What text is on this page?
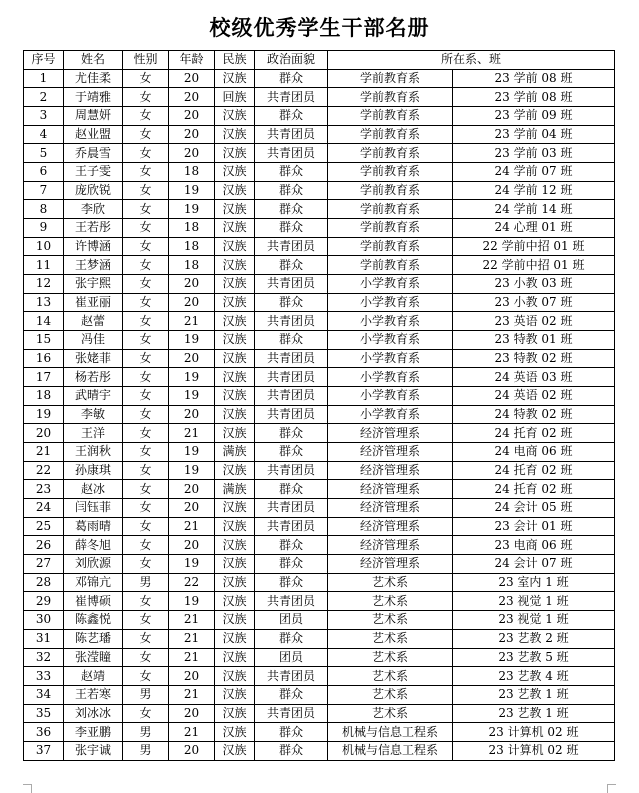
校级优秀学生干部名册
序号	姓名	性别	年龄	民族	政治面貌	所在系、班	
1	尤佳柔	女	20	汉族	群众	学前教育系	23 学前 08 班
2	于靖雅	女	20	回族	共青团员	学前教育系	23 学前 08 班
3	周慧妍	女	20	汉族	群众	学前教育系	23 学前 09 班
4	赵业盟	女	20	汉族	共青团员	学前教育系	23 学前 04 班
5	乔晨雪	女	20	汉族	共青团员	学前教育系	23 学前 03 班
6	王子雯	女	18	汉族	群众	学前教育系	24 学前 07 班
7	庞欣锐	女	19	汉族	群众	学前教育系	24 学前 12 班
8	李欣	女	19	汉族	群众	学前教育系	24 学前 14 班
9	王若彤	女	18	汉族	群众	学前教育系	24 心理 01 班
10	许博涵	女	18	汉族	共青团员	学前教育系	22 学前中招 01 班
11	王梦涵	女	18	汉族	群众	学前教育系	22 学前中招 01 班
12	张宇熙	女	20	汉族	共青团员	小学教育系	23 小教 03 班
13	崔亚丽	女	20	汉族	群众	小学教育系	23 小教 07 班
14	赵蕾	女	21	汉族	共青团员	小学教育系	23 英语 02 班
15	冯佳	女	19	汉族	群众	小学教育系	23 特教 01 班
16	张姥菲	女	20	汉族	共青团员	小学教育系	23 特教 02 班
17	杨若彤	女	19	汉族	共青团员	小学教育系	24 英语 03 班
18	武晴宇	女	19	汉族	共青团员	小学教育系	24 英语 02 班
19	李敏	女	20	汉族	共青团员	小学教育系	24 特教 02 班
20	王洋	女	21	汉族	群众	经济管理系	24 托育 02 班
21	王润秋	女	19	满族	群众	经济管理系	24 电商 06 班
22	孙康琪	女	19	汉族	共青团员	经济管理系	24 托育 02 班
23	赵冰	女	20	满族	群众	经济管理系	24 托育 02 班
24	闫钰菲	女	20	汉族	共青团员	经济管理系	24 会计 05 班
25	葛雨晴	女	21	汉族	共青团员	经济管理系	23 会计 01 班
26	薛冬旭	女	20	汉族	群众	经济管理系	23 电商 06 班
27	刘欣源	女	19	汉族	群众	经济管理系	24 会计 07 班
28	邓锦亢	男	22	汉族	群众	艺术系	23 室内 1 班
29	崔博硕	女	19	汉族	共青团员	艺术系	23 视觉 1 班
30	陈鑫悦	女	21	汉族	团员	艺术系	23 视觉 1 班
31	陈艺璠	女	21	汉族	群众	艺术系	23 艺教 2 班
32	张滢瞳	女	21	汉族	团员	艺术系	23 艺教 5 班
33	赵靖	女	20	汉族	共青团员	艺术系	23 艺教 4 班
34	王若寒	男	21	汉族	群众	艺术系	23 艺教 1 班
35	刘冰冰	女	20	汉族	共青团员	艺术系	23 艺教 1 班
36	李亚鹏	男	21	汉族	群众	机械与信息工程系	23 计算机 02 班
37	张宇诚	男	20	汉族	群众	机械与信息工程系	23 计算机 02 班
